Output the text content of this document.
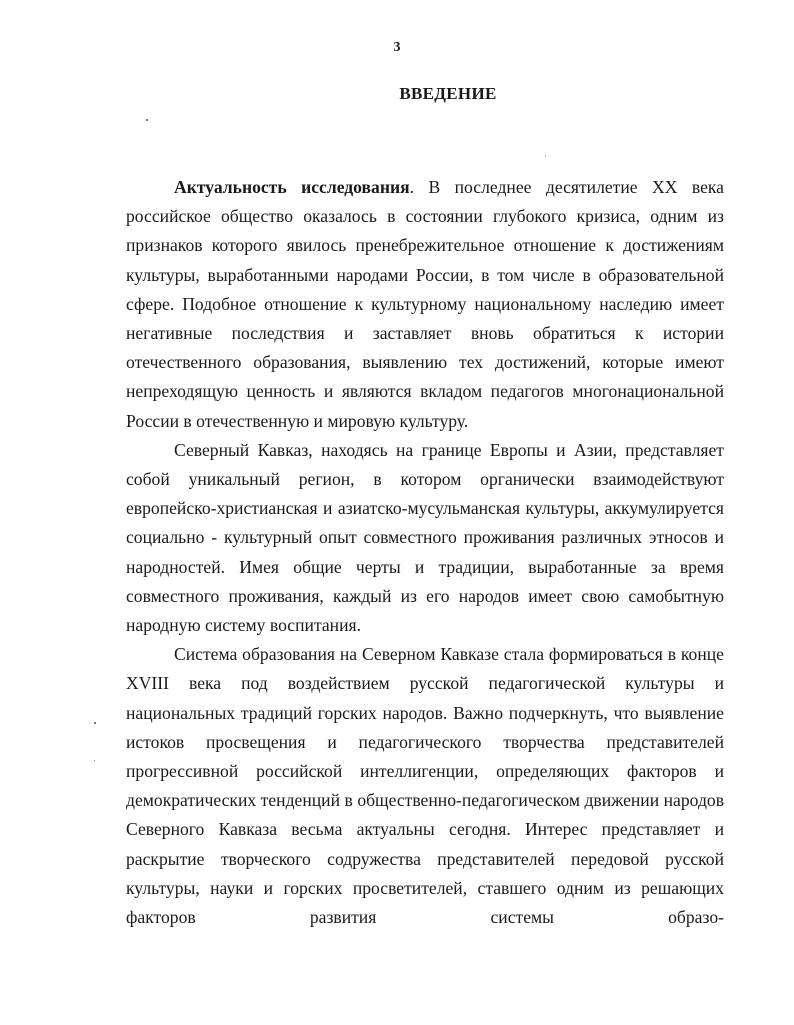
3
ВВЕДЕНИЕ

Актуальность исследования. В последнее десятилетие XX века российское общество оказалось в состоянии глубокого кризиса, одним из признаков которого явилось пренебрежительное отношение к достижениям культуры, выработанными народами России, в том числе в образовательной сфере. Подобное отношение к культурному национальному наследию имеет негативные последствия и заставляет вновь обратиться к истории отечественного образования, выявлению тех достижений, которые имеют непреходящую ценность и являются вкладом педагогов многонациональной России в отечественную и мировую культуру.

Северный Кавказ, находясь на границе Европы и Азии, представляет собой уникальный регион, в котором органически взаимодействуют европейско-христианская и азиатско-мусульманская культуры, аккумулируется социально - культурный опыт совместного проживания различных этносов и народностей. Имея общие черты и традиции, выработанные за время совместного проживания, каждый из его народов имеет свою самобытную народную систему воспитания.

Система образования на Северном Кавказе стала формироваться в конце XVIII века под воздействием русской педагогической культуры и национальных традиций горских народов. Важно подчеркнуть, что выявление истоков просвещения и педагогического творчества представителей прогрессивной российской интеллигенции, определяющих факторов и демократических тенденций в общественно-педагогическом движении народов Северного Кавказа весьма актуальны сегодня. Интерес представляет и раскрытие творческого содружества представителей передовой русской культуры, науки и горских просветителей, ставшего одним из решающих факторов развития системы образо-
